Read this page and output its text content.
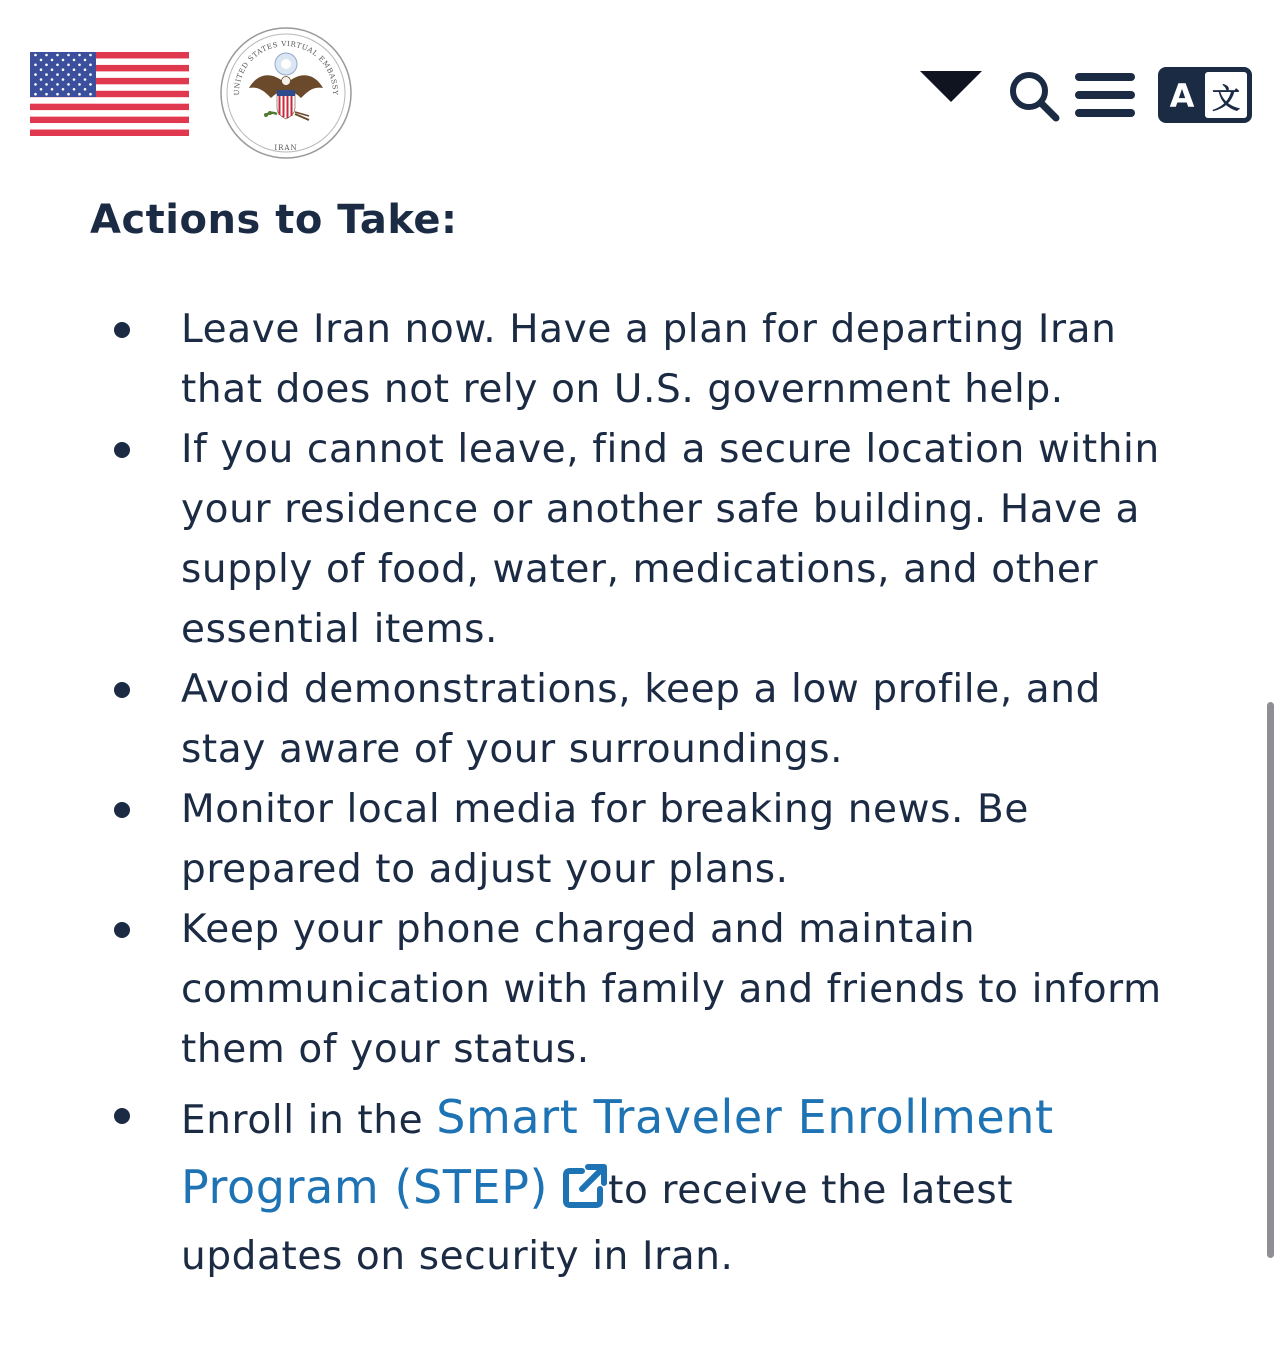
UNITED STATES VIRTUAL EMBASSY
IRAN
A 文
Actions to Take:
Leave Iran now. Have a plan for departing Iran that does not rely on U.S. government help.
If you cannot leave, find a secure location within your residence or another safe building. Have a supply of food, water, medications, and other essential items.
Avoid demonstrations, keep a low profile, and stay aware of your surroundings.
Monitor local media for breaking news. Be prepared to adjust your plans.
Keep your phone charged and maintain communication with family and friends to inform them of your status.
Enroll in the Smart Traveler Enrollment Program (STEP) to receive the latest updates on security in Iran.
